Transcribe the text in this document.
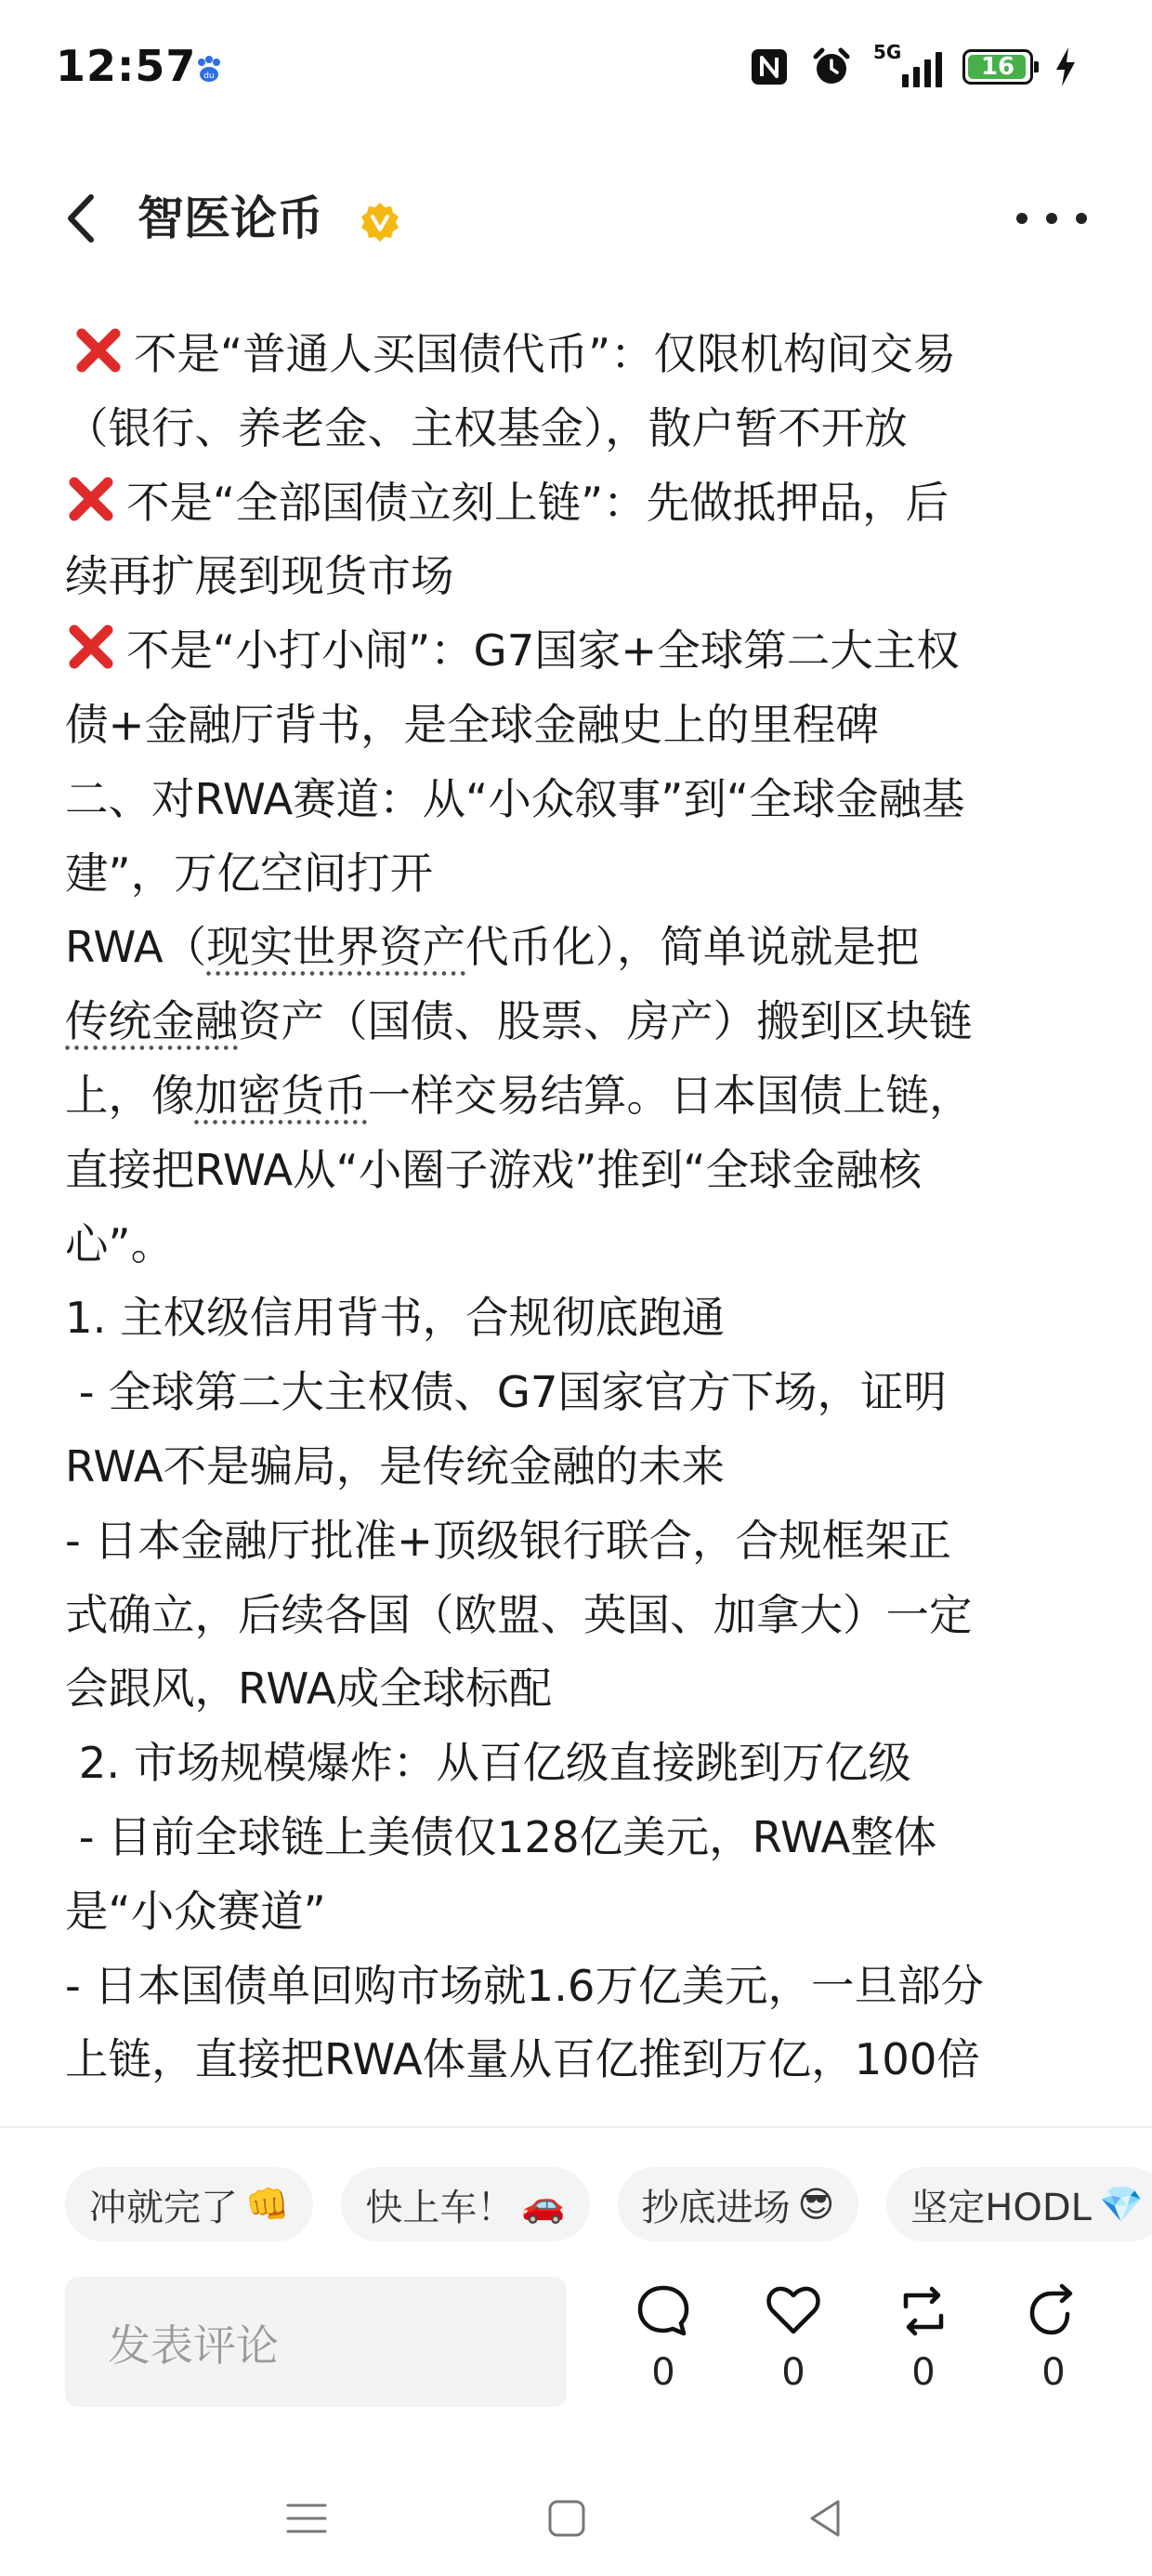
12:57 du
5G
16
智医论币

不是“普通人买国债代币”：仅限机构间交易

（银行、养老金、主权基金），散户暂不开放

不是“全部国债立刻上链”：先做抵押品，后

续再扩展到现货市场

不是“小打小闹”：G7国家+全球第二大主权

债+金融厅背书，是全球金融史上的里程碑

二、对RWA赛道：从“小众叙事”到“全球金融基

建”，万亿空间打开

RWA（现实世界资产代币化），简单说就是把

传统金融资产（国债、股票、房产）搬到区块链

上，像加密货币一样交易结算。日本国债上链，

直接把RWA从“小圈子游戏”推到“全球金融核

心”。

1. 主权级信用背书，合规彻底跑通

- 全球第二大主权债、G7国家官方下场，证明

RWA不是骗局，是传统金融的未来

- 日本金融厅批准+顶级银行联合，合规框架正

式确立，后续各国（欧盟、英国、加拿大）一定

会跟风，RWA成全球标配

2. 市场规模爆炸：从百亿级直接跳到万亿级

- 目前全球链上美债仅128亿美元，RWA整体

是“小众赛道”

- 日本国债单回购市场就1.6万亿美元，一旦部分

上链，直接把RWA体量从百亿推到万亿，100倍

冲就完了 👊 快上车！ 🚗 抄底进场 😎 坚定HODL 💎
发表评论
0	0	0	0
